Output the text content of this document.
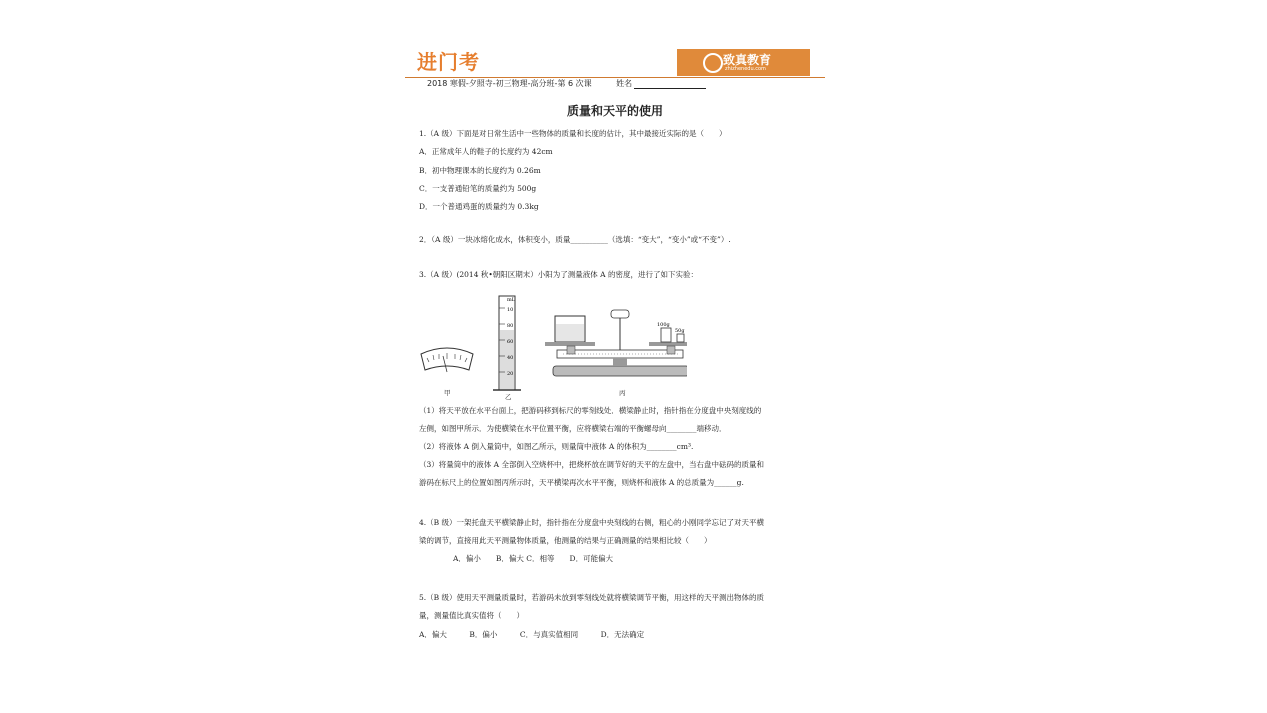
进门考	致真教育
zhizhenedu.com
2018 寒假-夕照寺-初三物理-高分班-第 6 次课	姓名
质量和天平的使用
1.（A 级）下面是对日常生活中一些物体的质量和长度的估计，其中最接近实际的是（　　）
A．正常成年人的鞋子的长度约为 42cm
B．初中物理课本的长度约为 0.26m
C．一支普通铅笔的质量约为 500g
D．一个普通鸡蛋的质量约为 0.3kg
2．（A 级）一块冰熔化成水，体积变小，质量__________（选填：“变大”，“变小”或“不变”）.
3.（A 级）(2014 秋•朝阳区期末）小阳为了测量液体 A 的密度，进行了如下实验：
mL
10
80
60
40
20
100g
50g
甲	乙	丙
（1）将天平放在水平台面上，把游码移到标尺的零刻线处．横梁静止时，指针指在分度盘中央刻度线的
左侧，如图甲所示．为使横梁在水平位置平衡，应将横梁右端的平衡螺母向________端移动．
（2）将液体 A 倒入量筒中，如图乙所示，则量筒中液体 A 的体积为________cm³.
（3）将量筒中的液体 A 全部倒入空烧杯中，把烧杯放在调节好的天平的左盘中，当右盘中砝码的质量和
游码在标尺上的位置如图丙所示时，天平横梁再次水平平衡，则烧杯和液体 A 的总质量为______g.
4.（B 级）一架托盘天平横梁静止时，指针指在分度盘中央刻线的右侧，粗心的小刚同学忘记了对天平横
梁的调节，直接用此天平测量物体质量，他测量的结果与正确测量的结果相比较（　　）
A．偏小　　B．偏大 C．相等　　D．可能偏大
5.（B 级）使用天平测量质量时，若游码未放到零刻线处就将横梁调节平衡，用这样的天平测出物体的质
量，测量值比真实值将（　　）
A．偏大　　　B．偏小　　　C．与真实值相同　　　D．无法确定
